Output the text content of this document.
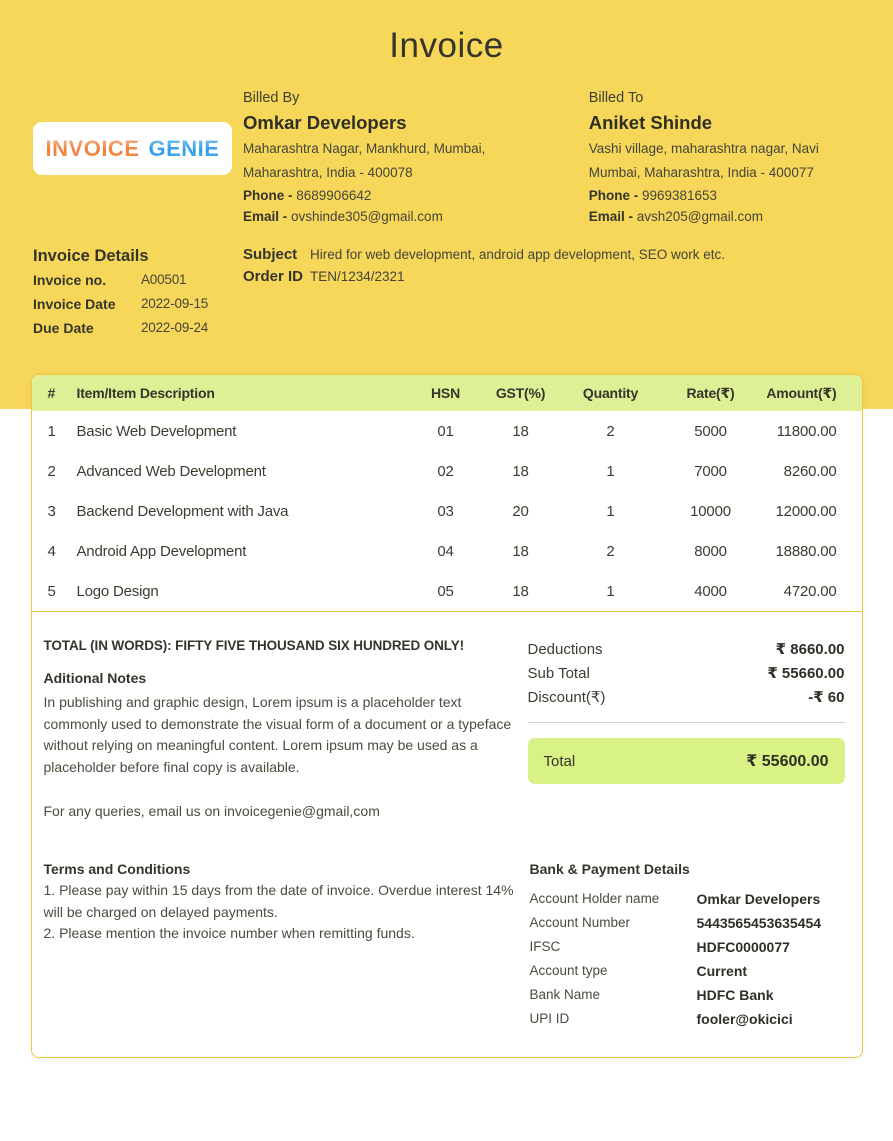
Invoice
INVOICE GENIE
Billed By
Omkar Developers
Maharashtra Nagar, Mankhurd, Mumbai,
Maharashtra, India - 400078
Phone - 8689906642
Email - ovshinde305@gmail.com
Billed To
Aniket Shinde
Vashi village, maharashtra nagar, Navi
Mumbai, Maharashtra, India - 400077
Phone - 9969381653
Email - avsh205@gmail.com
Invoice Details
Invoice no.	A00501
Invoice Date	2022-09-15
Due Date	2022-09-24
Subject Hired for web development, android app development, SEO work etc.
Order ID TEN/1234/2321
#	Item/Item Description	HSN	GST(%)	Quantity	Rate(₹)	Amount(₹)
1	Basic Web Development	01	18	2	5000	11800.00
2	Advanced Web Development	02	18	1	7000	8260.00
3	Backend Development with Java	03	20	1	10000	12000.00
4	Android App Development	04	18	2	8000	18880.00
5	Logo Design	05	18	1	4000	4720.00
TOTAL (IN WORDS): FIFTY FIVE THOUSAND SIX HUNDRED ONLY!
Aditional Notes
In publishing and graphic design, Lorem ipsum is a placeholder text commonly used to demonstrate the visual form of a document or a typeface without relying on meaningful content. Lorem ipsum may be used as a placeholder before final copy is available.
For any queries, email us on invoicegenie@gmail,com
Deductions	₹ 8660.00
Sub Total	₹ 55660.00
Discount(₹)	-₹ 60
Total	₹ 55600.00
Terms and Conditions
1. Please pay within 15 days from the date of invoice. Overdue interest 14% will be charged on delayed payments.
2. Please mention the invoice number when remitting funds.
Bank & Payment Details
Account Holder name	Omkar Developers
Account Number	5443565453635454
IFSC	HDFC0000077
Account type	Current
Bank Name	HDFC Bank
UPI ID	fooler@okicici
